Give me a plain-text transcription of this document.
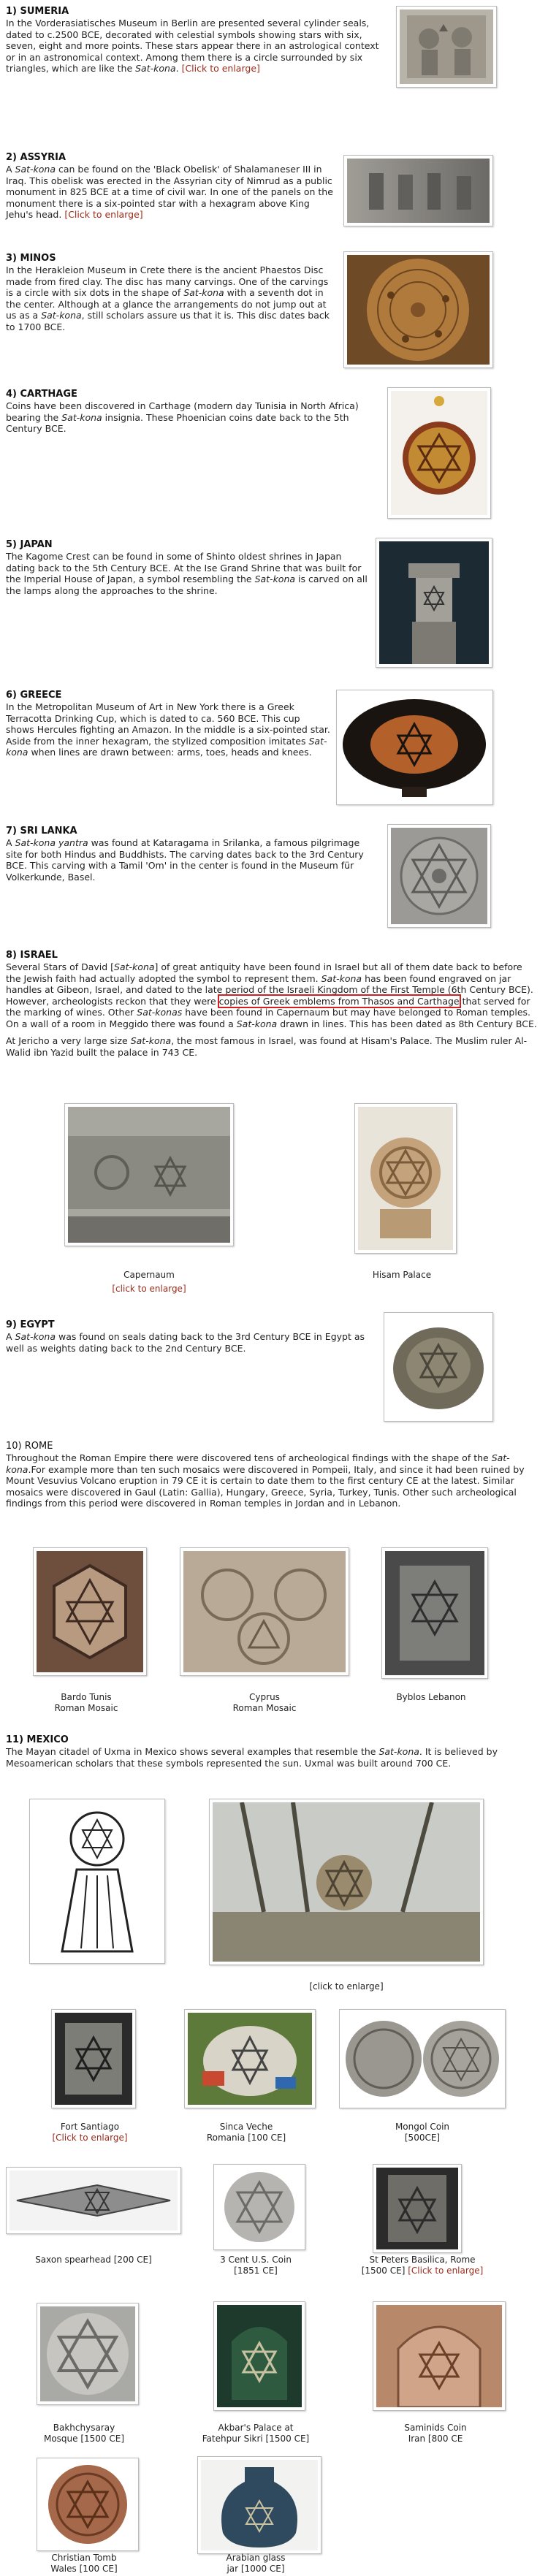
1) SUMERIA

In the Vorderasiatisches Museum in Berlin are presented several cylinder seals, dated to c.2500 BCE, decorated with celestial symbols showing stars with six, seven, eight and more points. These stars appear there in an astrological context or in an astronomical context. Among them there is a circle surrounded by six triangles, which are like the Sat-kona. [Click to enlarge]

2) ASSYRIA

A Sat-kona can be found on the 'Black Obelisk' of Shalamaneser III in Iraq. This obelisk was erected in the Assyrian city of Nimrud as a public monument in 825 BCE at a time of civil war. In one of the panels on the monument there is a six-pointed star with a hexagram above King Jehu's head. [Click to enlarge]

3) MINOS

In the Herakleion Museum in Crete there is the ancient Phaestos Disc made from fired clay. The disc has many carvings. One of the carvings is a circle with six dots in the shape of Sat-kona with a seventh dot in the center. Although at a glance the arrangements do not jump out at us as a Sat-kona, still scholars assure us that it is. This disc dates back to 1700 BCE.

4) CARTHAGE

Coins have been discovered in Carthage (modern day Tunisia in North Africa) bearing the Sat-kona insignia. These Phoenician coins date back to the 5th Century BCE.

5) JAPAN

The Kagome Crest can be found in some of Shinto oldest shrines in Japan dating back to the 5th Century BCE. At the Ise Grand Shrine that was built for the Imperial House of Japan, a symbol resembling the Sat-kona is carved on all the lamps along the approaches to the shrine.

6) GREECE

In the Metropolitan Museum of Art in New York there is a Greek Terracotta Drinking Cup, which is dated to ca. 560 BCE. This cup shows Hercules fighting an Amazon. In the middle is a six-pointed star. Aside from the inner hexagram, the stylized composition imitates Sat-kona when lines are drawn between: arms, toes, heads and knees.

7) SRI LANKA

A Sat-kona yantra was found at Kataragama in Srilanka, a famous pilgrimage site for both Hindus and Buddhists. The carving dates back to the 3rd Century BCE. This carving with a Tamil 'Om' in the center is found in the Museum für Volkerkunde, Basel.

8) ISRAEL

Several Stars of David [Sat-kona] of great antiquity have been found in Israel but all of them date back to before the Jewish faith had actually adopted the symbol to represent them. Sat-kona has been found engraved on jar handles at Gibeon, Israel, and dated to the late period of the Israeli Kingdom of the First Temple (6th Century BCE). However, archeologists reckon that they were copies of Greek emblems from Thasos and Carthage that served for the marking of wines. Other Sat-konas have been found in Capernaum but may have belonged to Roman temples. On a wall of a room in Meggido there was found a Sat-kona drawn in lines. This has been dated as 8th Century BCE.

At Jericho a very large size Sat-kona, the most famous in Israel, was found at Hisam's Palace. The Muslim ruler Al-Walid ibn Yazid built the palace in 743 CE.

Capernaum
[click to enlarge]
Hisam Palace
9) EGYPT

A Sat-kona was found on seals dating back to the 3rd Century BCE in Egypt as well as weights dating back to the 2nd Century BCE.

10) ROME

Throughout the Roman Empire there were discovered tens of archeological findings with the shape of the Sat-kona.For example more than ten such mosaics were discovered in Pompeii, Italy, and since it had been ruined by Mount Vesuvius Volcano eruption in 79 CE it is certain to date them to the first century CE at the latest. Similar mosaics were discovered in Gaul (Latin: Gallia), Hungary, Greece, Syria, Turkey, Tunis. Other such archeological findings from this period were discovered in Roman temples in Jordan and in Lebanon.

Bardo Tunis
Roman Mosaic
Cyprus
Roman Mosaic
Byblos Lebanon
11) MEXICO

The Mayan citadel of Uxma in Mexico shows several examples that resemble the Sat-kona. It is believed by Mesoamerican scholars that these symbols represented the sun. Uxmal was built around 700 CE.

[click to enlarge]
Fort Santiago
[Click to enlarge]
Sinca Veche
Romania [100 CE]
Mongol Coin
[500CE]
Saxon spearhead [200 CE]	3 Cent U.S. Coin
[1851 CE]
St Peters Basilica, Rome
[1500 CE] [Click to enlarge]
Bakhchysaray
Mosque [1500 CE]
Akbar's Palace at
Fatehpur Sikri [1500 CE]
Saminids Coin
Iran [800 CE
Christian Tomb
Wales [100 CE]
Arabian glass
jar [1000 CE]
